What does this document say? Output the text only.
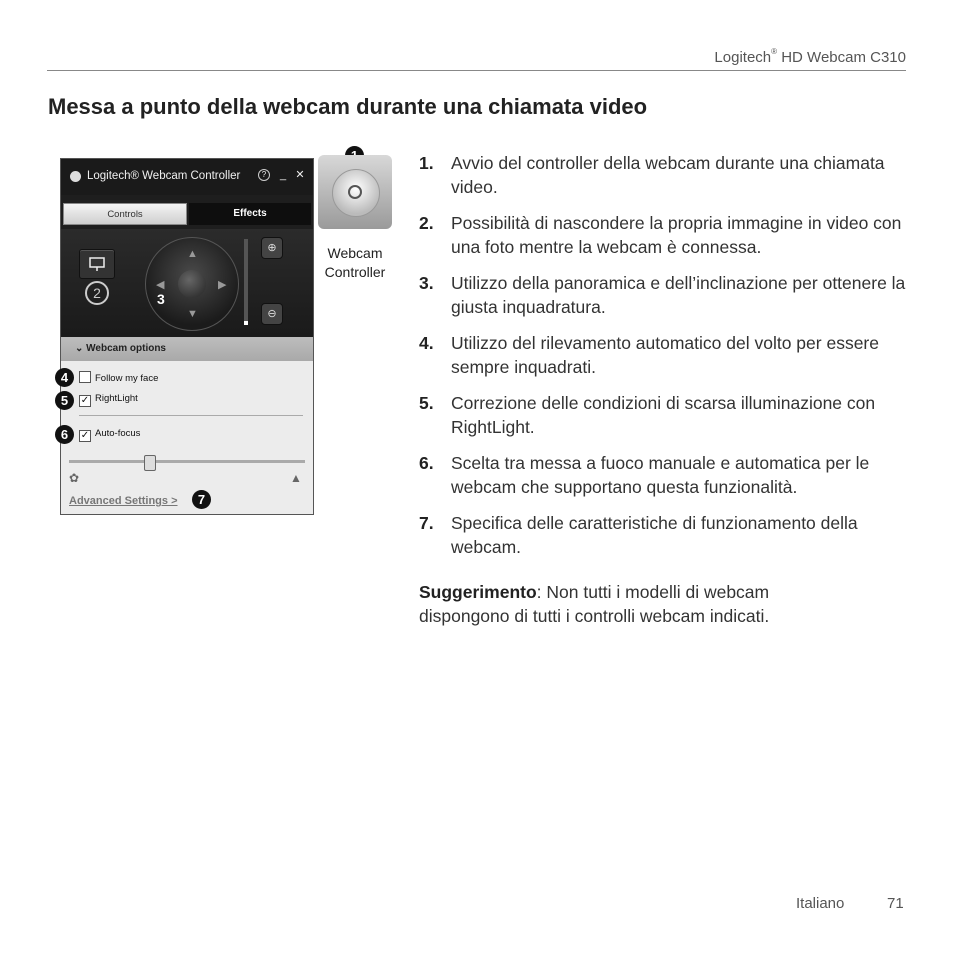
Logitech® HD Webcam C310
Messa a punto della webcam durante una chiamata video
Logitech® Webcam Controller	?	_ ✕
Controls	Effects
2
▲
▼
◀	▶
3
⊕
⊖
⌄ Webcam options
Follow my face
✓ RightLight
✓ Auto-focus
✿	▲
Advanced Settings >
4
5
6
7
Webcam
Controller
1. Avvio del controller della webcam durante una chiamata video.
2. Possibilità di nascondere la propria immagine in video con una foto mentre la webcam è connessa.
3. Utilizzo della panoramica e dell’inclinazione per ottenere la giusta inquadratura.
4. Utilizzo del rilevamento automatico del volto per essere sempre inquadrati.
5. Correzione delle condizioni di scarsa illuminazione con RightLight.
6. Scelta tra messa a fuoco manuale e automatica per le webcam che supportano questa funzionalità.
7. Specifica delle caratteristiche di funzionamento della webcam.

Suggerimento: Non tutti i modelli di webcam dispongono di tutti i controlli webcam indicati.

Italiano	71
